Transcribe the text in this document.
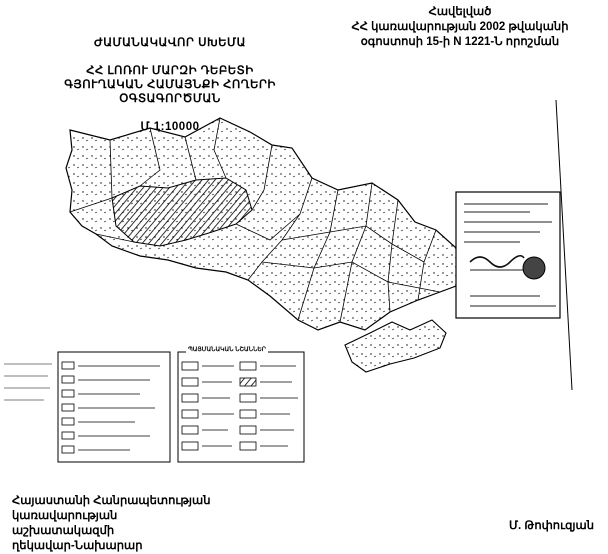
ԺԱՄԱՆԱԿԱՎՈՐ ՍԽԵՄԱ
ՀՀ ԼՈՌՈՒ ՄԱՐԶԻ ԴԵԲԵՏԻ
ԳՅՈՒՂԱԿԱՆ ՀԱՄԱՅՆՔԻ ՀՈՂԵՐԻ
ՕԳՏԱԳՈՐԾՄԱՆ
Մ 1:10000
Հավելված
ՀՀ կառավարության 2002 թվականի
օգոստոսի 15-ի N 1221-Ն որոշման
ՊԱՅՄԱՆԱԿԱՆ ՆՇԱՆՆԵՐ
Հայաստանի Հանրապետության
կառավարության աշխատակազմի
ղեկավար-Նախարար
Մ. Թոփուզյան
